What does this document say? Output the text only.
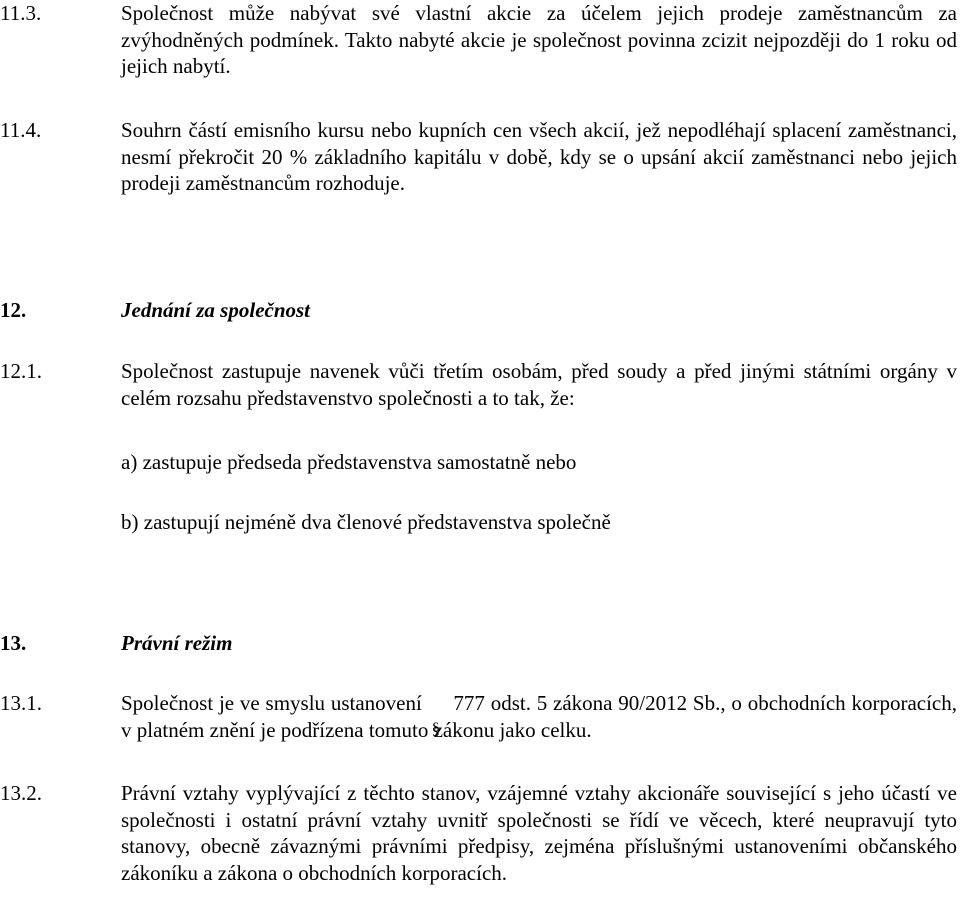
11.3.	Společnost může nabývat své vlastní akcie za účelem jejich prodeje zaměstnancům za zvýhodněných podmínek. Takto nabyté akcie je společnost povinna zcizit nejpozději do 1 roku od jejich nabytí.

11.4.	Souhrn částí emisního kursu nebo kupních cen všech akcií, jež nepodléhají splacení zaměstnanci, nesmí překročit 20 % základního kapitálu v době, kdy se o upsání akcií zaměstnanci nebo jejich prodeji zaměstnancům rozhoduje.

12.	Jednání za společnost
12.1.	Společnost zastupuje navenek vůči třetím osobám, před soudy a před jinými státními orgány v celém rozsahu představenstvo společnosti a to tak, že:

a) zastupuje předseda představenstva samostatně nebo
b) zastupují nejméně dva členové představenstva společně
13.	Právní režim
13.1.	Společnost je ve smyslu ustanovení 777 odst. 5 zákona 90/2012 Sb., o obchodních korporacích, v platném znění je podřízena tomuto zákonu jako celku.

13.2.	Právní vztahy vyplývající z těchto stanov, vzájemné vztahy akcionáře související s jeho účastí ve společnosti i ostatní právní vztahy uvnitř společnosti se řídí ve věcech, které neupravují tyto stanovy, obecně závaznými právními předpisy, zejména příslušnými ustanoveními občanského zákoníku a zákona o obchodních korporacích.
